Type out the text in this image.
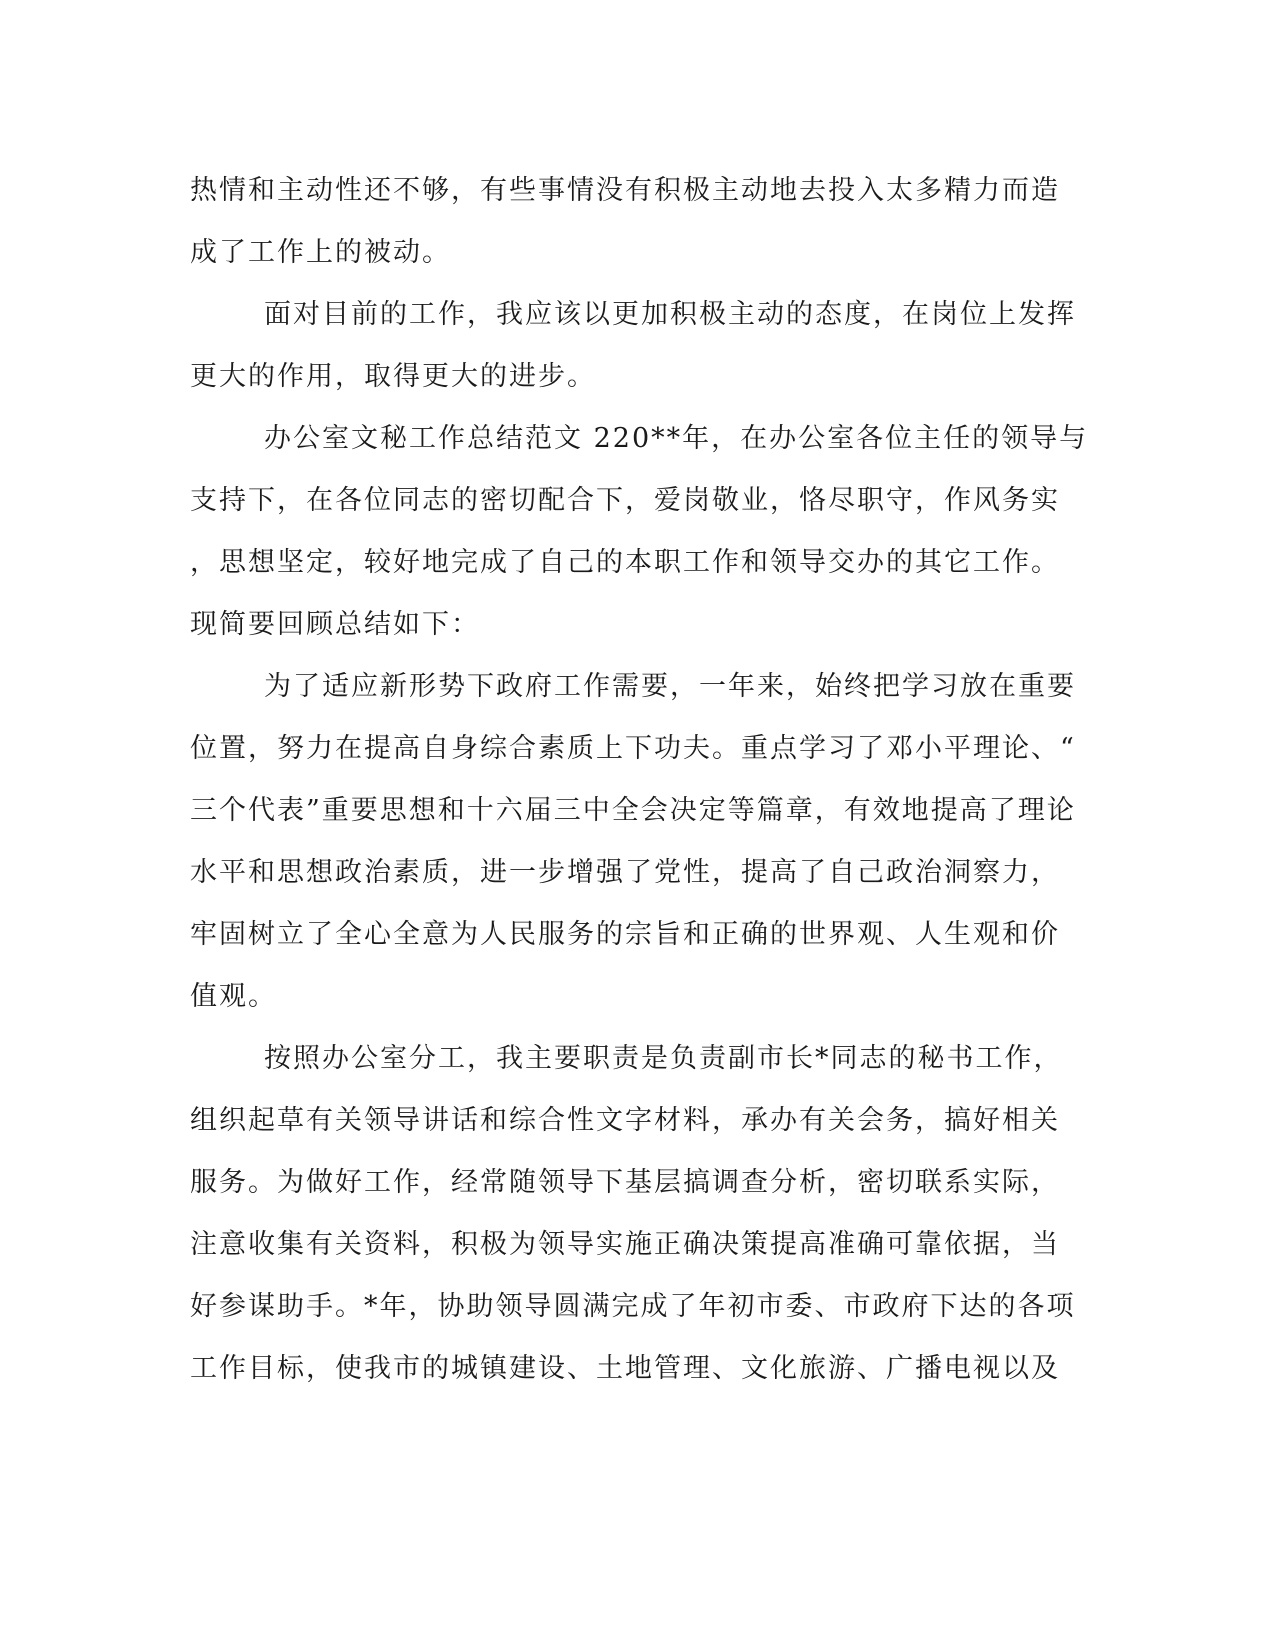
热情和主动性还不够，有些事情没有积极主动地去投入太多精力而造
成了工作上的被动。
面对目前的工作，我应该以更加积极主动的态度，在岗位上发挥
更大的作用，取得更大的进步。
办公室文秘工作总结范文 220**年，在办公室各位主任的领导与
支持下，在各位同志的密切配合下，爱岗敬业，恪尽职守，作风务实
，思想坚定，较好地完成了自己的本职工作和领导交办的其它工作。
现简要回顾总结如下：
为了适应新形势下政府工作需要，一年来，始终把学习放在重要
位置，努力在提高自身综合素质上下功夫。重点学习了邓小平理论、“
三个代表”重要思想和十六届三中全会决定等篇章，有效地提高了理论
水平和思想政治素质，进一步增强了党性，提高了自己政治洞察力，
牢固树立了全心全意为人民服务的宗旨和正确的世界观、人生观和价
值观。
按照办公室分工，我主要职责是负责副市长*同志的秘书工作，
组织起草有关领导讲话和综合性文字材料，承办有关会务，搞好相关
服务。为做好工作，经常随领导下基层搞调查分析，密切联系实际，
注意收集有关资料，积极为领导实施正确决策提高准确可靠依据，当
好参谋助手。*年，协助领导圆满完成了年初市委、市政府下达的各项
工作目标，使我市的城镇建设、土地管理、文化旅游、广播电视以及
